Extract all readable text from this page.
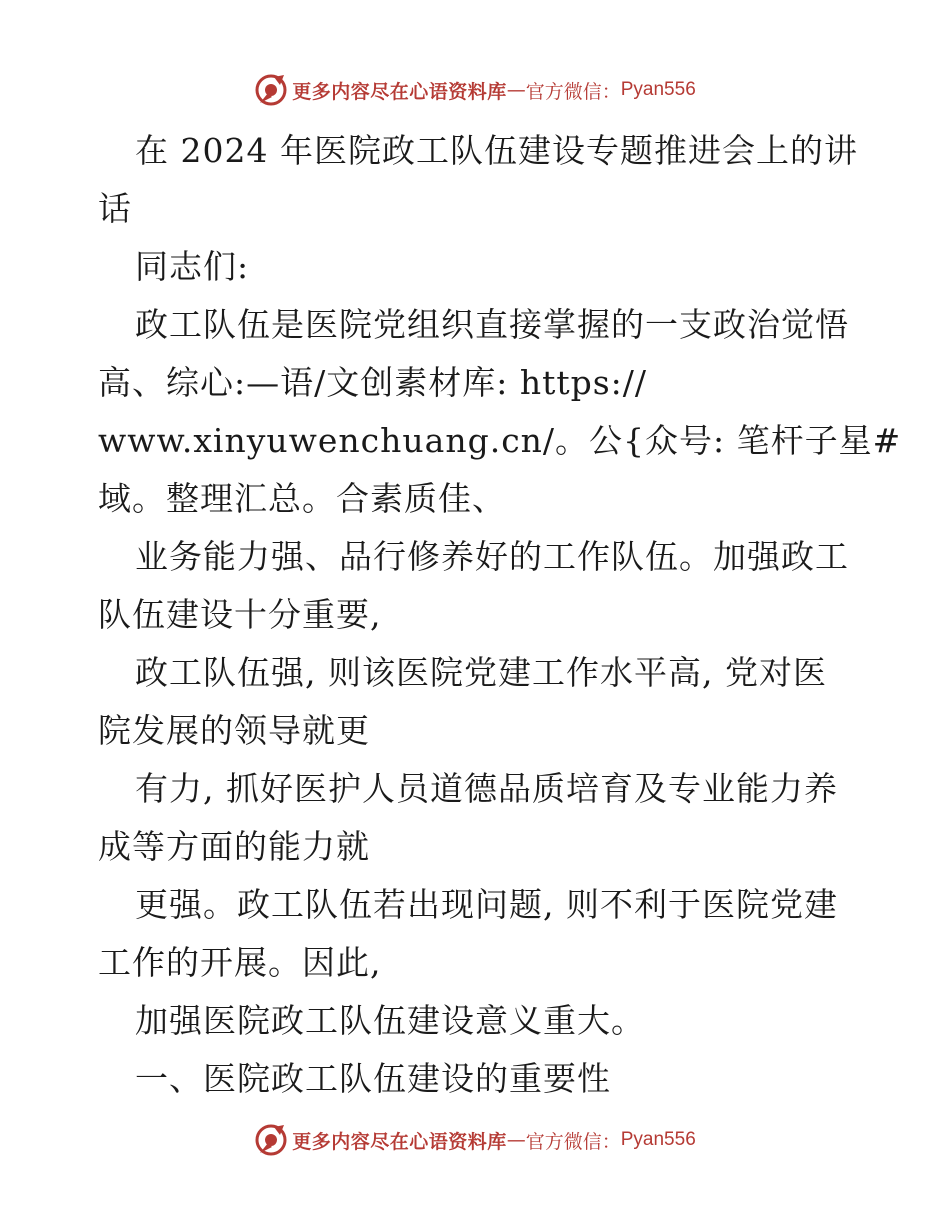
更多内容尽在心语资料库 — 官方微信： Pyan556
在 2024 年医院政工队伍建设专题推进会上的讲
话
同志们:
政工队伍是医院党组织直接掌握的一支政治觉悟
高、综心:—语/文创素材库: https://
www.xinyuwenchuang.cn/。公{众号: 笔杆子星#
域。整理汇总。合素质佳、
业务能力强、品行修养好的工作队伍。加强政工
队伍建设十分重要,
政工队伍强, 则该医院党建工作水平高, 党对医
院发展的领导就更
有力, 抓好医护人员道德品质培育及专业能力养
成等方面的能力就
更强。政工队伍若出现问题, 则不利于医院党建
工作的开展。因此,
加强医院政工队伍建设意义重大。
一、医院政工队伍建设的重要性
更多内容尽在心语资料库 — 官方微信： Pyan556
